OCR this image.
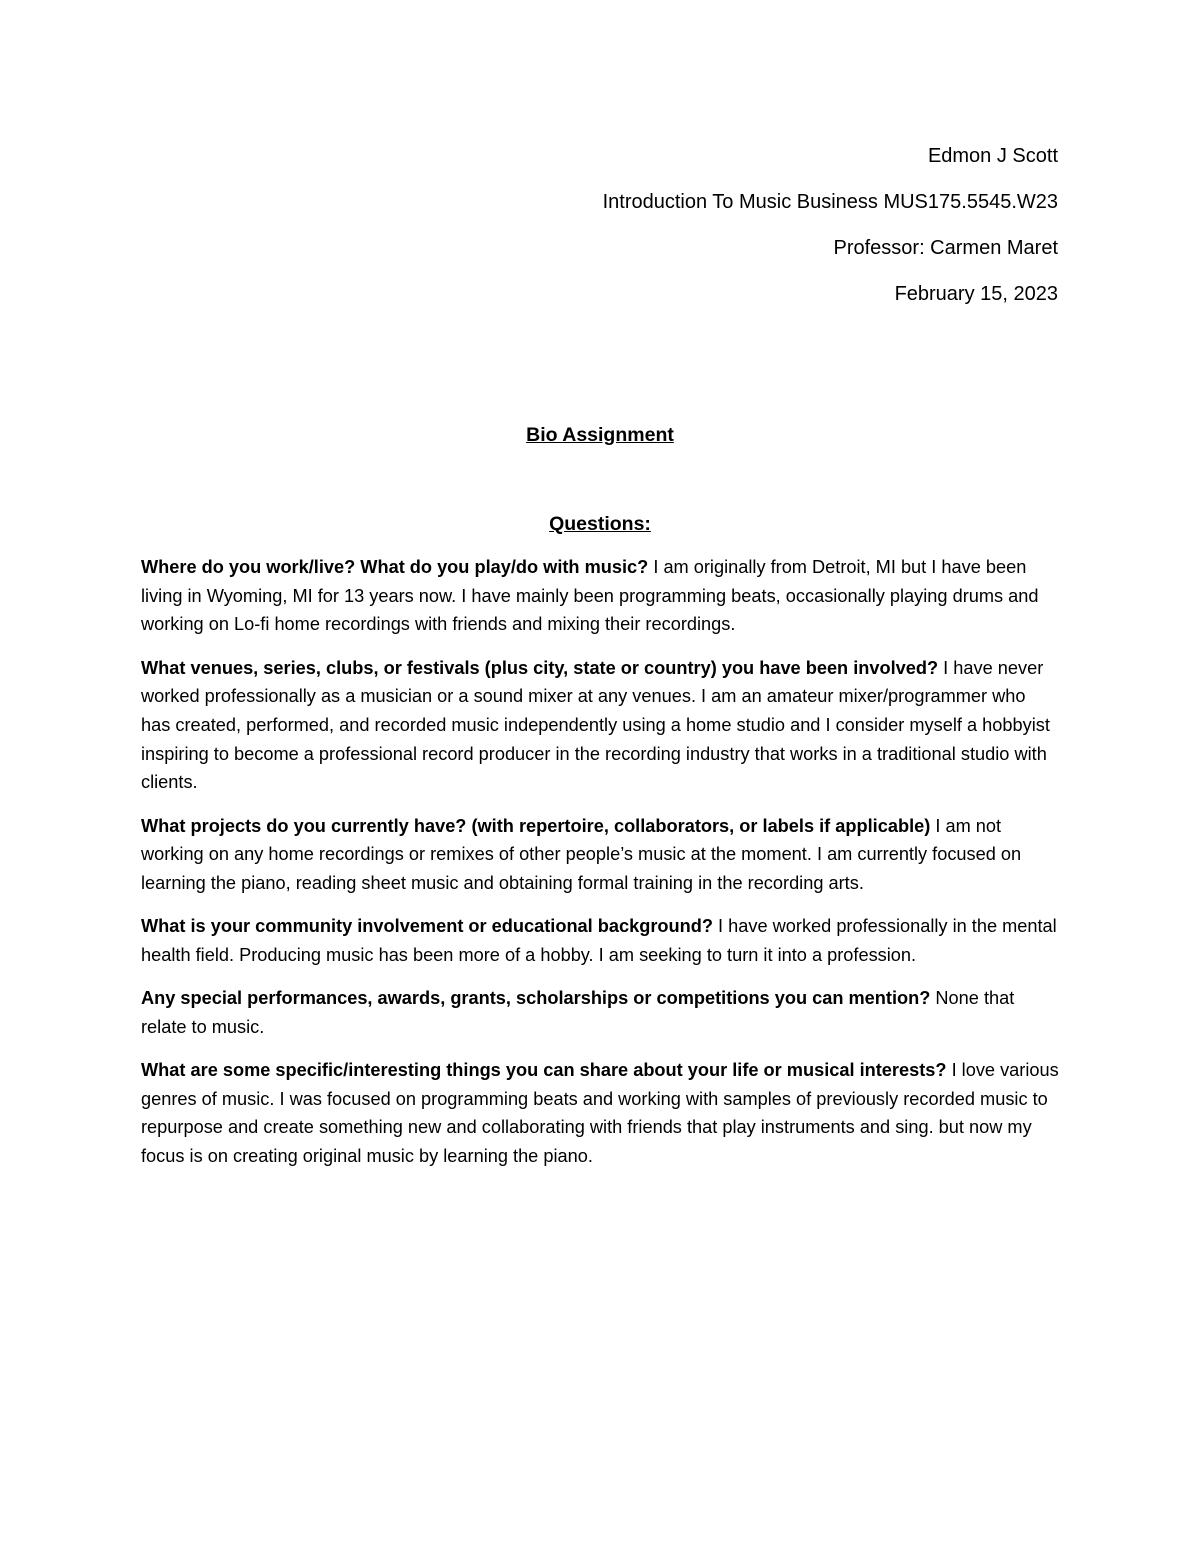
Edmon J Scott
Introduction To Music Business MUS175.5545.W23
Professor: Carmen Maret
February 15, 2023
Bio Assignment
Questions:

Where do you work/live? What do you play/do with music? I am originally from Detroit, MI but I have been living in Wyoming, MI for 13 years now. I have mainly been programming beats, occasionally playing drums and working on Lo-fi home recordings with friends and mixing their recordings.

What venues, series, clubs, or festivals (plus city, state or country) you have been involved? I have never worked professionally as a musician or a sound mixer at any venues. I am an amateur mixer/programmer who has created, performed, and recorded music independently using a home studio and I consider myself a hobbyist inspiring to become a professional record producer in the recording industry that works in a traditional studio with clients.

What projects do you currently have? (with repertoire, collaborators, or labels if applicable) I am not working on any home recordings or remixes of other people’s music at the moment. I am currently focused on learning the piano, reading sheet music and obtaining formal training in the recording arts.

What is your community involvement or educational background? I have worked professionally in the mental health field. Producing music has been more of a hobby. I am seeking to turn it into a profession.

Any special performances, awards, grants, scholarships or competitions you can mention? None that relate to music.

What are some specific/interesting things you can share about your life or musical interests? I love various genres of music. I was focused on programming beats and working with samples of previously recorded music to repurpose and create something new and collaborating with friends that play instruments and sing. but now my focus is on creating original music by learning the piano.
